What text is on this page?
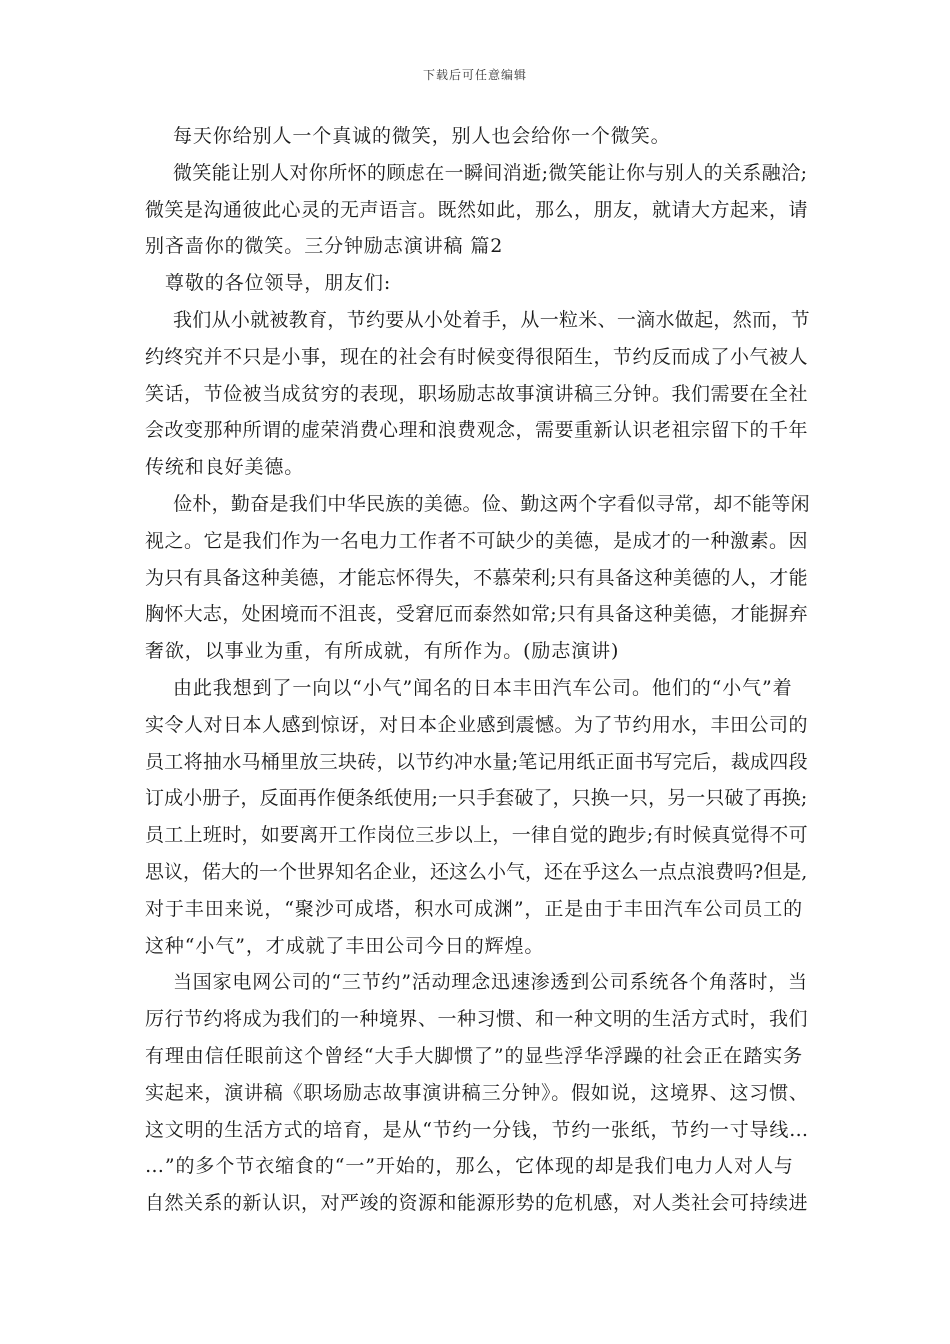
下载后可任意编辑
每天你给别人一个真诚的微笑，别人也会给你一个微笑。
微笑能让别人对你所怀的顾虑在一瞬间消逝;微笑能让你与别人的关系融洽;
微笑是沟通彼此心灵的无声语言。既然如此，那么，朋友，就请大方起来，请
别吝啬你的微笑。三分钟励志演讲稿 篇2
尊敬的各位领导，朋友们:
我们从小就被教育，节约要从小处着手，从一粒米、一滴水做起，然而，节
约终究并不只是小事，现在的社会有时候变得很陌生，节约反而成了小气被人
笑话，节俭被当成贫穷的表现，职场励志故事演讲稿三分钟。我们需要在全社
会改变那种所谓的虚荣消费心理和浪费观念，需要重新认识老祖宗留下的千年
传统和良好美德。
俭朴，勤奋是我们中华民族的美德。俭、勤这两个字看似寻常，却不能等闲
视之。它是我们作为一名电力工作者不可缺少的美德，是成才的一种激素。因
为只有具备这种美德，才能忘怀得失，不慕荣利;只有具备这种美德的人，才能
胸怀大志，处困境而不沮丧，受窘厄而泰然如常;只有具备这种美德，才能摒弃
奢欲，以事业为重，有所成就，有所作为。(励志演讲)
由此我想到了一向以“小气”闻名的日本丰田汽车公司。他们的“小气”着
实令人对日本人感到惊讶，对日本企业感到震憾。为了节约用水，丰田公司的
员工将抽水马桶里放三块砖，以节约冲水量;笔记用纸正面书写完后，裁成四段
订成小册子，反面再作便条纸使用;一只手套破了，只换一只，另一只破了再换;
员工上班时，如要离开工作岗位三步以上，一律自觉的跑步;有时候真觉得不可
思议，偌大的一个世界知名企业，还这么小气，还在乎这么一点点浪费吗?但是,
对于丰田来说，“聚沙可成塔，积水可成渊”，正是由于丰田汽车公司员工的
这种“小气”，才成就了丰田公司今日的辉煌。
当国家电网公司的“三节约”活动理念迅速渗透到公司系统各个角落时，当
厉行节约将成为我们的一种境界、一种习惯、和一种文明的生活方式时，我们
有理由信任眼前这个曾经“大手大脚惯了”的显些浮华浮躁的社会正在踏实务
实起来，演讲稿《职场励志故事演讲稿三分钟》。假如说，这境界、这习惯、
这文明的生活方式的培育，是从“节约一分钱，节约一张纸，节约一寸导线…
…”的多个节衣缩食的“一”开始的，那么，它体现的却是我们电力人对人与
自然关系的新认识，对严竣的资源和能源形势的危机感，对人类社会可持续进
